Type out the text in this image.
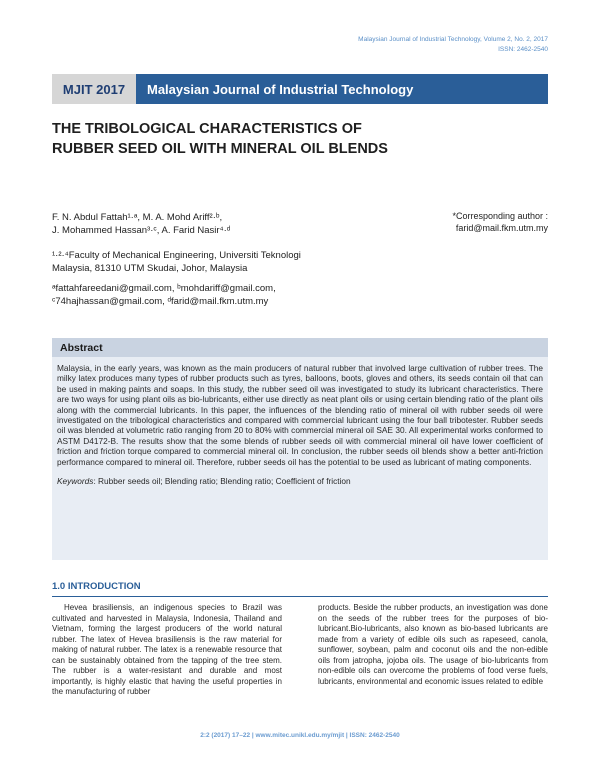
Malaysian Journal of Industrial Technology, Volume 2, No. 2, 2017
ISSN: 2462-2540
MJIT 2017	Malaysian Journal of Industrial Technology
THE TRIBOLOGICAL CHARACTERISTICS OF RUBBER SEED OIL WITH MINERAL OIL BLENDS
F. N. Abdul Fattah¹·ᵃ, M. A. Mohd Ariff²·ᵇ,
J. Mohammed Hassan³·ᶜ, A. Farid Nasir⁴·ᵈ
*Corresponding author :
farid@mail.fkm.utm.my
¹·²·⁴Faculty of Mechanical Engineering, Universiti Teknologi
Malaysia, 81310 UTM Skudai, Johor, Malaysia
ᵃfattahfareedani@gmail.com, ᵇmohdariff@gmail.com,
ᶜ74hajhassan@gmail.com, ᵈfarid@mail.fkm.utm.my
Abstract
Malaysia, in the early years, was known as the main producers of natural rubber that involved large cultivation of rubber trees. The milky latex produces many types of rubber products such as tyres, balloons, boots, gloves and others, its seeds contain oil that can be used in making paints and soaps. In this study, the rubber seed oil was investigated to study its lubricant characteristics. There are two ways for using plant oils as bio-lubricants, either use directly as neat plant oils or using certain blending ratio of the plant oils along with the commercial lubricants. In this paper, the influences of the blending ratio of mineral oil with rubber seeds oil were investigated on the tribological characteristics and compared with commercial lubricant using the four ball tribotester. Rubber seeds oil was blended at volumetric ratio ranging from 20 to 80% with commercial mineral oil SAE 30. All experimental works conformed to ASTM D4172-B. The results show that the some blends of rubber seeds oil with commercial mineral oil have lower coefficient of friction and friction torque compared to commercial mineral oil. In conclusion, the rubber seeds oil blends show a better anti-friction performance compared to mineral oil. Therefore, rubber seeds oil has the potential to be used as lubricant of mating components.
Keywords: Rubber seeds oil; Blending ratio; Blending ratio; Coefficient of friction
1.0 INTRODUCTION
Hevea brasiliensis, an indigenous species to Brazil was cultivated and harvested in Malaysia, Indonesia, Thailand and Vietnam, forming the largest producers of the world natural rubber. The latex of Hevea brasiliensis is the raw material for making of natural rubber. The latex is a renewable resource that can be sustainably obtained from the tapping of the tree stem. The rubber is a water-resistant and durable and most importantly, is highly elastic that having the useful properties in the manufacturing of rubber
products. Beside the rubber products, an investigation was done on the seeds of the rubber trees for the purposes of bio-lubricant.Bio-lubricants, also known as bio-based lubricants are made from a variety of edible oils such as rapeseed, canola, sunflower, soybean, palm and coconut oils and the non-edible oils from jatropha, jojoba oils. The usage of bio-lubricants from non-edible oils can overcome the problems of food verse fuels, lubricants, environmental and economic issues related to edible
2:2 (2017) 17–22 | www.mitec.unikl.edu.my/mjit | ISSN: 2462-2540
